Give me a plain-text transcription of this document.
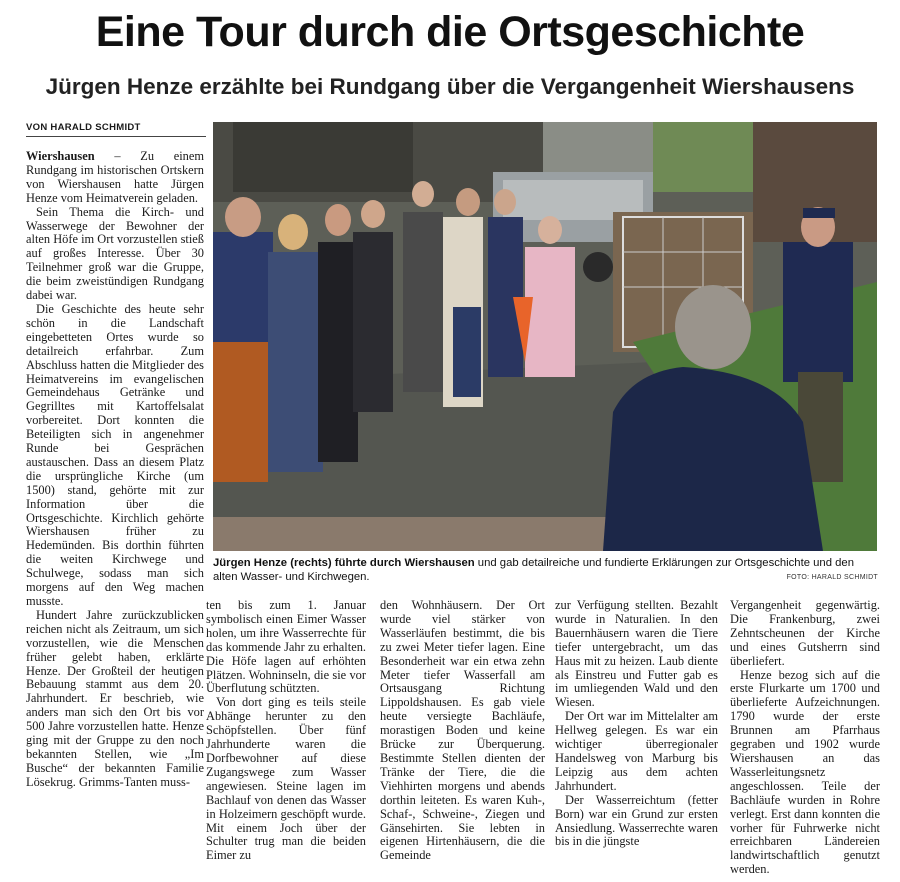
Eine Tour durch die Ortsgeschichte
Jürgen Henze erzählte bei Rundgang über die Vergangenheit Wiershausens
VON HARALD SCHMIDT

Wiershausen – Zu einem Rundgang im historischen Ortskern von Wiershausen hatte Jürgen Henze vom Heimatverein geladen.

Sein Thema die Kirch- und Wasserwege der Bewohner der alten Höfe im Ort vorzustellen stieß auf großes Interesse. Über 30 Teilnehmer groß war die Gruppe, die beim zweistündigen Rundgang dabei war.

Die Geschichte des heute sehr schön in die Landschaft eingebetteten Ortes wurde so detailreich erfahrbar. Zum Abschluss hatten die Mitglieder des Heimatvereins im evangelischen Gemeindehaus Getränke und Gegrilltes mit Kartoffelsalat vorbereitet. Dort konnten die Beteiligten sich in angenehmer Runde bei Gesprächen austauschen. Dass an diesem Platz die ursprüngliche Kirche (um 1500) stand, gehörte mit zur Information über die Ortsgeschichte. Kirchlich gehörte Wiershausen früher zu Hedemünden. Bis dorthin führten die weiten Kirchwege und Schulwege, sodass man sich morgens auf den Weg machen musste.

Hundert Jahre zurückzublicken reichen nicht als Zeitraum, um sich vorzustellen, wie die Menschen früher gelebt haben, erklärte Henze. Der Großteil der heutigen Bebauung stammt aus dem 20. Jahrhundert. Er beschrieb, wie anders man sich den Ort bis vor 500 Jahre vorzustellen hatte. Henze ging mit der Gruppe zu den noch bekannten Stellen, wie „Im Busche“ der bekannten Familie Lösekrug. Grimms-Tanten muss-

ten bis zum 1. Januar symbolisch einen Eimer Wasser holen, um ihre Wasserrechte für das kommende Jahr zu erhalten. Die Höfe lagen auf erhöhten Plätzen. Wohninseln, die sie vor Überflutung schützten.

Von dort ging es teils steile Abhänge herunter zu den Schöpfstellen. Über fünf Jahrhunderte waren die Dorfbewohner auf diese Zugangswege zum Wasser angewiesen. Steine lagen im Bachlauf von denen das Wasser in Holzeimern geschöpft wurde. Mit einem Joch über der Schulter trug man die beiden Eimer zu

den Wohnhäusern. Der Ort wurde viel stärker von Wasserläufen bestimmt, die bis zu zwei Meter tiefer lagen. Eine Besonderheit war ein etwa zehn Meter tiefer Wasserfall am Ortsausgang Richtung Lippoldshausen. Es gab viele heute versiegte Bachläufe, morastigen Boden und keine Brücke zur Überquerung. Bestimmte Stellen dienten der Tränke der Tiere, die die Viehhirten morgens und abends dorthin leiteten. Es waren Kuh-, Schaf-, Schweine-, Ziegen und Gänsehirten. Sie lebten in eigenen Hirtenhäusern, die die Gemeinde

zur Verfügung stellten. Bezahlt wurde in Naturalien. In den Bauernhäusern waren die Tiere tiefer untergebracht, um das Haus mit zu heizen. Laub diente als Einstreu und Futter gab es im umliegenden Wald und den Wiesen.

Der Ort war im Mittelalter am Hellweg gelegen. Es war ein wichtiger überregionaler Handelsweg von Marburg bis Leipzig aus dem achten Jahrhundert.

Der Wasserreichtum (fetter Born) war ein Grund zur ersten Ansiedlung. Wasserrechte waren bis in die jüngste

Vergangenheit gegenwärtig. Die Frankenburg, zwei Zehntscheunen der Kirche und eines Gutsherrn sind überliefert.

Henze bezog sich auf die erste Flurkarte um 1700 und überlieferte Aufzeichnungen. 1790 wurde der erste Brunnen am Pfarrhaus gegraben und 1902 wurde Wiershausen an das Wasserleitungsnetz angeschlossen. Teile der Bachläufe wurden in Rohre verlegt. Erst dann konnten die vorher für Fuhrwerke nicht erreichbaren Ländereien landwirtschaftlich genutzt werden.

Jürgen Henze (rechts) führte durch Wiershausen und gab detailreiche und fundierte Erklärungen zur Ortsgeschichte und den alten Wasser- und Kirchwegen.	FOTO: HARALD SCHMIDT
